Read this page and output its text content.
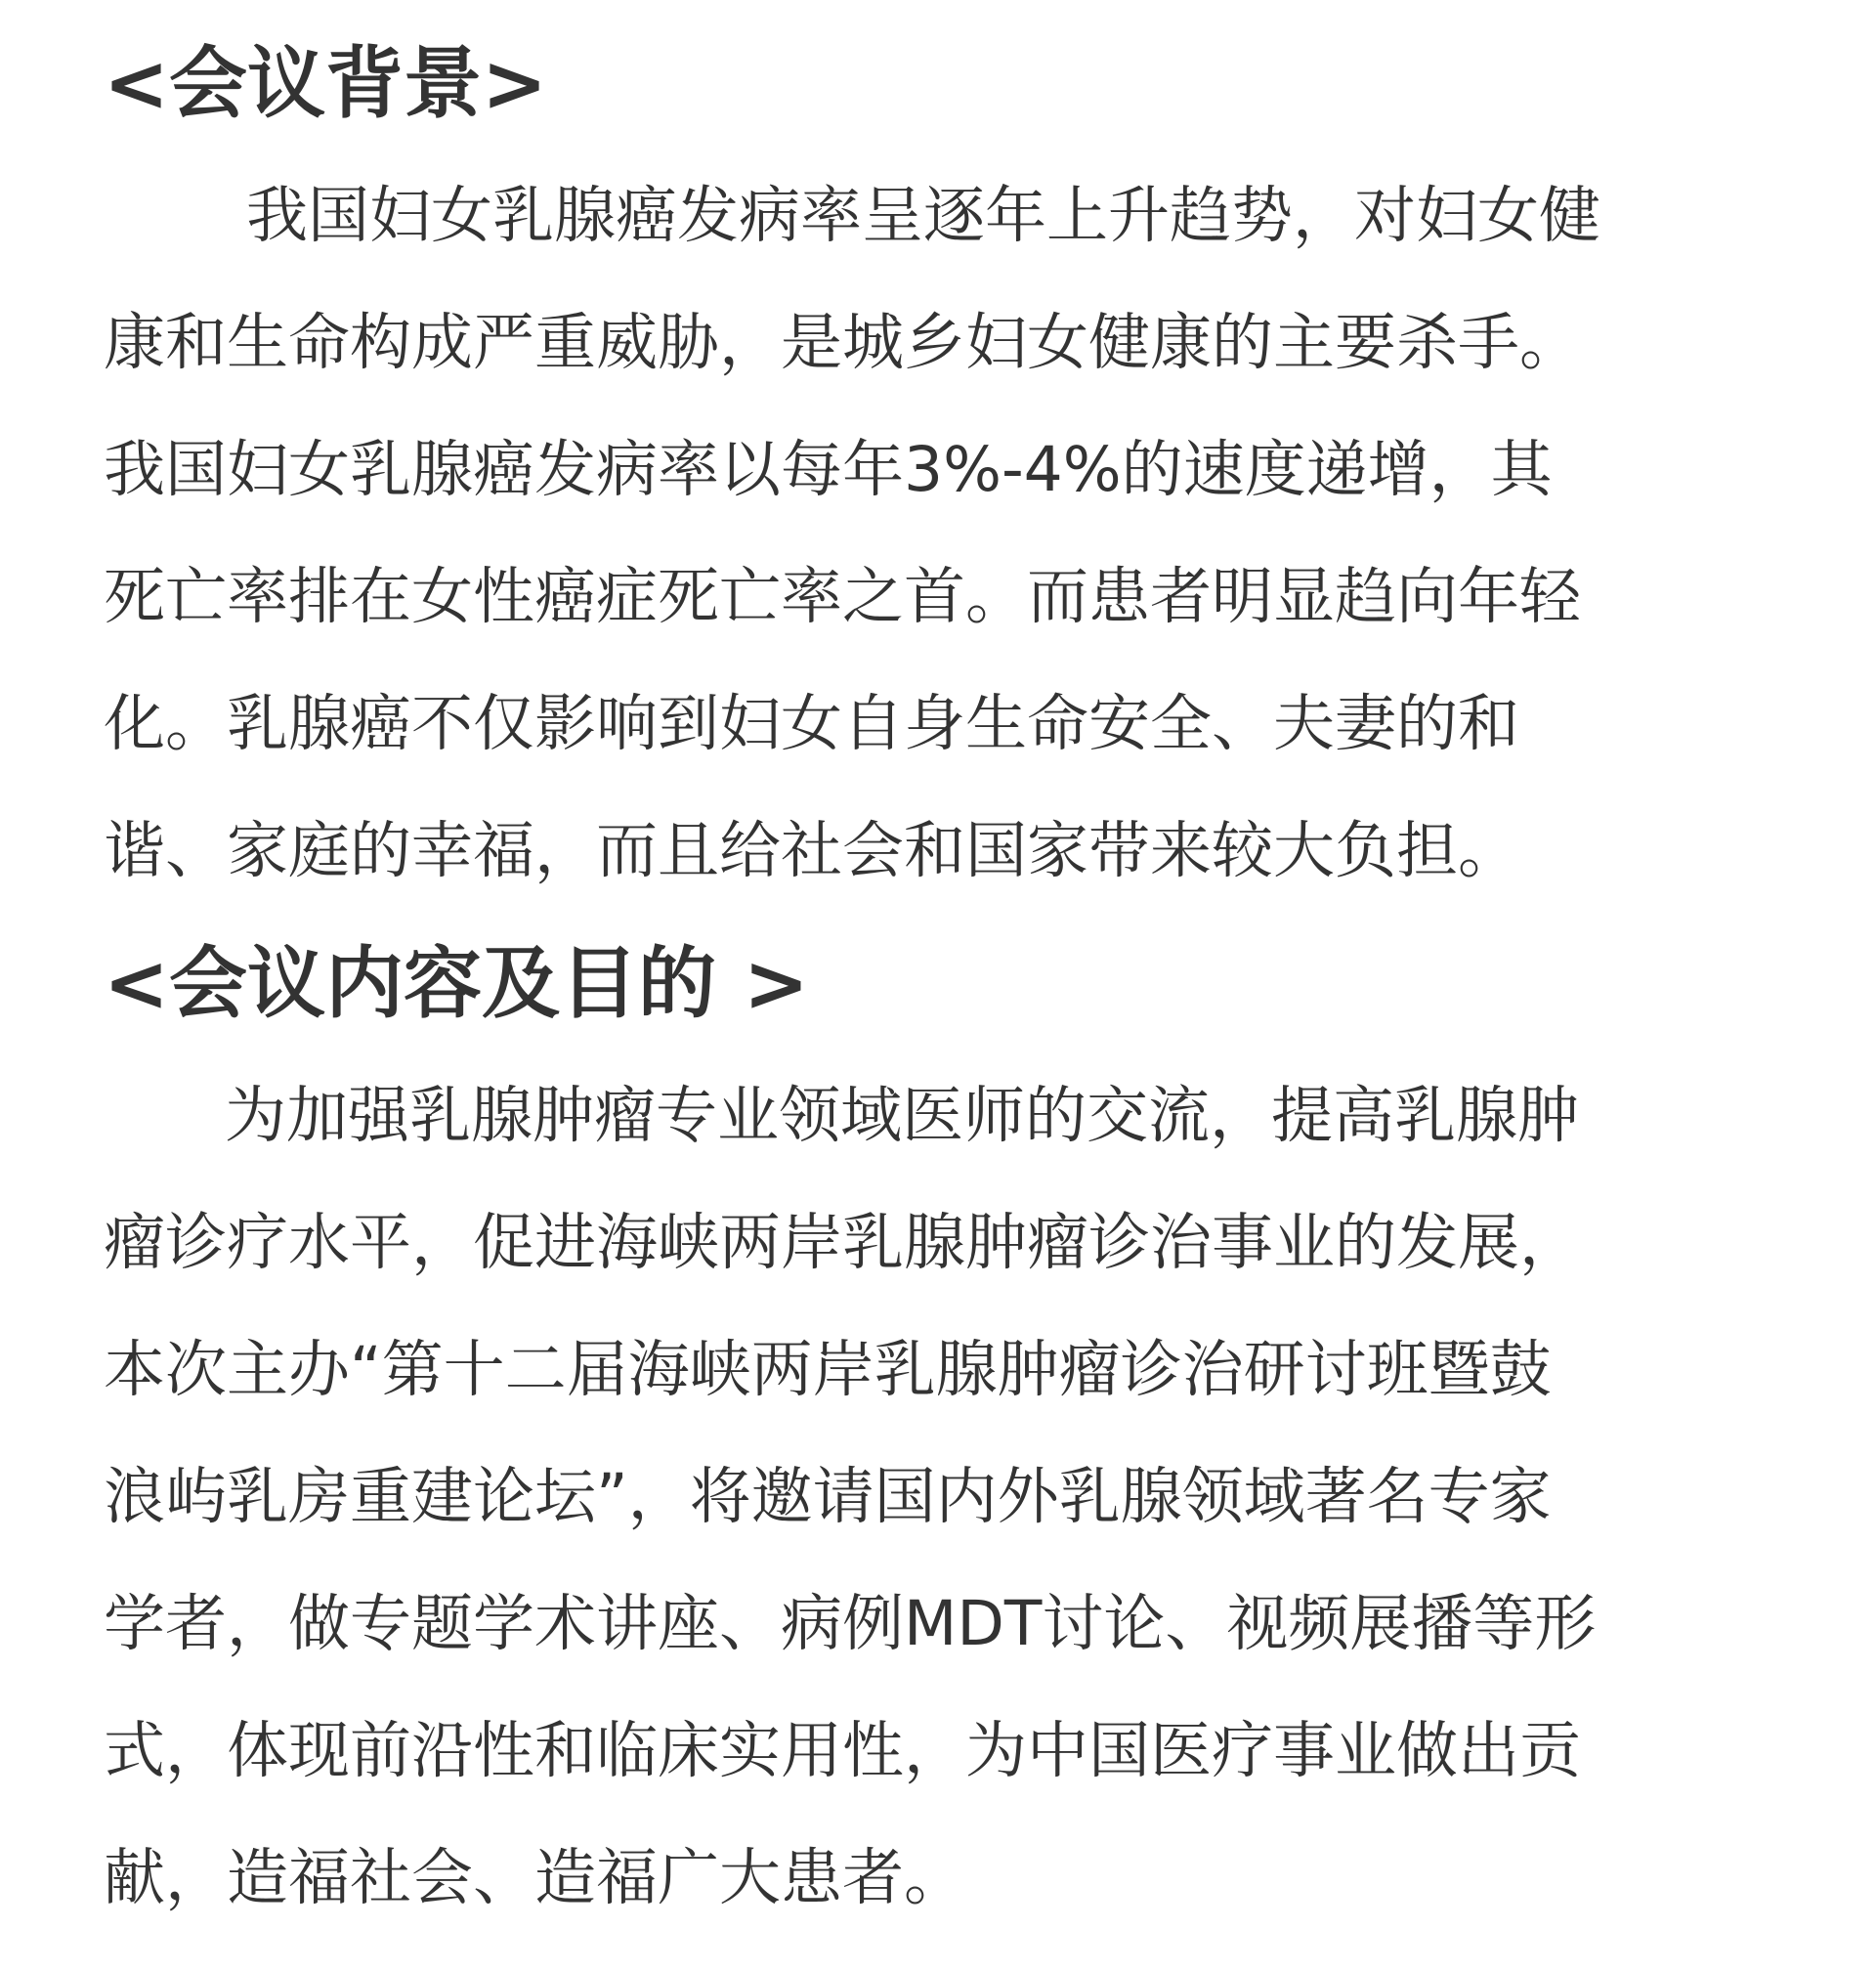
<会议背景>
我国妇女乳腺癌发病率呈逐年上升趋势，对妇女健
康和生命构成严重威胁，是城乡妇女健康的主要杀手。
我国妇女乳腺癌发病率以每年3%-4%的速度递增，其
死亡率排在女性癌症死亡率之首。而患者明显趋向年轻
化。乳腺癌不仅影响到妇女自身生命安全、夫妻的和
谐、家庭的幸福，而且给社会和国家带来较大负担。
<会议内容及目的 >
为加强乳腺肿瘤专业领域医师的交流，提高乳腺肿
瘤诊疗水平，促进海峡两岸乳腺肿瘤诊治事业的发展，
本次主办“第十二届海峡两岸乳腺肿瘤诊治研讨班暨鼓
浪屿乳房重建论坛”，将邀请国内外乳腺领域著名专家
学者，做专题学术讲座、病例MDT讨论、视频展播等形
式，体现前沿性和临床实用性，为中国医疗事业做出贡
献，造福社会、造福广大患者。
